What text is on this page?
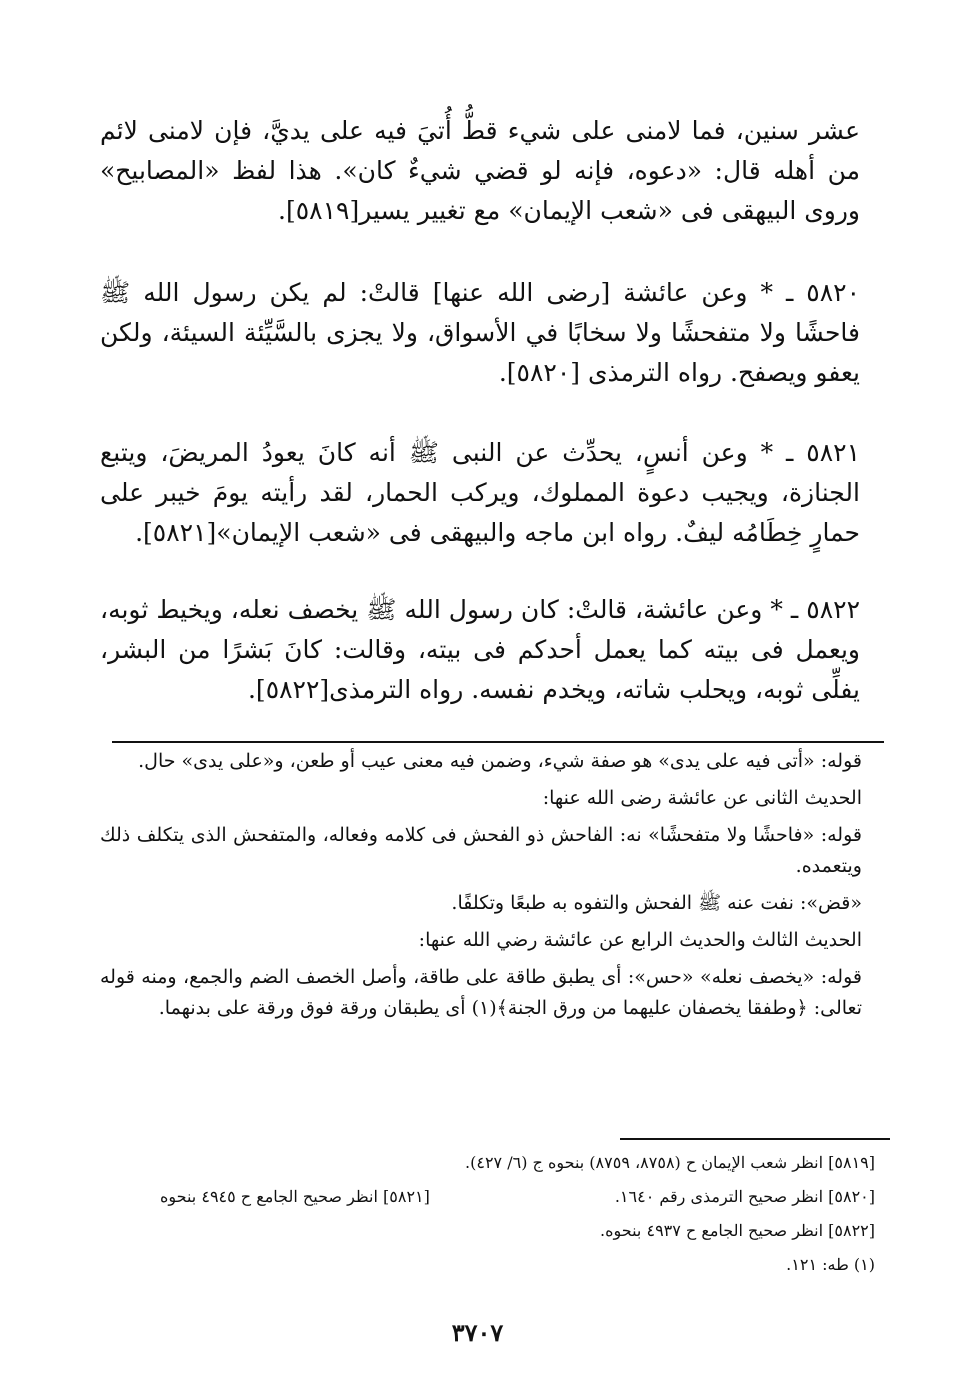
عشر سنين، فما لامنى على شيء قطُّ أُتيَ فيه على يديَّ، فإن لامنى لائم من أهله قال: «دعوه، فإنه لو قضي شيءٌ كان». هذا لفظ «المصابيح» وروى البيهقى فى «شعب الإيمان» مع تغيير يسير[٥٨١٩].

٥٨٢٠ ـ * وعن عائشة [رضى الله عنها] قالتْ: لم يكن رسول الله ﷺ فاحشًا ولا متفحشًا ولا سخابًا في الأسواق، ولا يجزى بالسَّيِّئة السيئة، ولكن يعفو ويصفح. رواه الترمذى [٥٨٢٠].

٥٨٢١ ـ * وعن أنسٍ، يحدِّث عن النبى ﷺ أنه كانَ يعودُ المريضَ، ويتبع الجنازة، ويجيب دعوة المملوك، ويركب الحمار، لقد رأيته يومَ خيبر على حمارٍ خِطَامُه ليفٌ. رواه ابن ماجه والبيهقى فى «شعب الإيمان»[٥٨٢١].

٥٨٢٢ ـ * وعن عائشة، قالتْ: كان رسول الله ﷺ يخصف نعله، ويخيط ثوبه، ويعمل فى بيته كما يعمل أحدكم فى بيته، وقالت: كانَ بَشرًا من البشر، يفلِّى ثوبه، ويحلب شاته، ويخدم نفسه. رواه الترمذى[٥٨٢٢].

قوله: «أتى فيه على يدى» هو صفة شيء، وضمن فيه معنى عيب أو طعن، و«على يدى» حال.

الحديث الثانى عن عائشة رضى الله عنها:

قوله: «فاحشًا ولا متفحشًا» نه: الفاحش ذو الفحش فى كلامه وفعاله، والمتفحش الذى يتكلف ذلك ويتعمده.

«قض»: نفت عنه ﷺ الفحش والتفوه به طبعًا وتكلفًا.

الحديث الثالث والحديث الرابع عن عائشة رضي الله عنها:

قوله: «يخصف نعله» «حس»: أى يطبق طاقة على طاقة، وأصل الخصف الضم والجمع، ومنه قوله تعالى: ﴿وطفقا يخصفان عليهما من ورق الجنة﴾(١) أى يطبقان ورقة فوق ورقة على بدنهما.

[٥٨١٩] انظر شعب الإيمان ح (٨٧٥٨، ٨٧٥٩) بنحوه ج (٦/ ٤٢٧).
[٥٨٢٠] انظر صحيح الترمذى رقم ١٦٤٠.
[٥٨٢١] انظر صحيح الجامع ح ٤٩٤٥ بنحوه
[٥٨٢٢] انظر صحيح الجامع ح ٤٩٣٧ بنحوه.
(١) طه: ١٢١.
٣٧٠٧
